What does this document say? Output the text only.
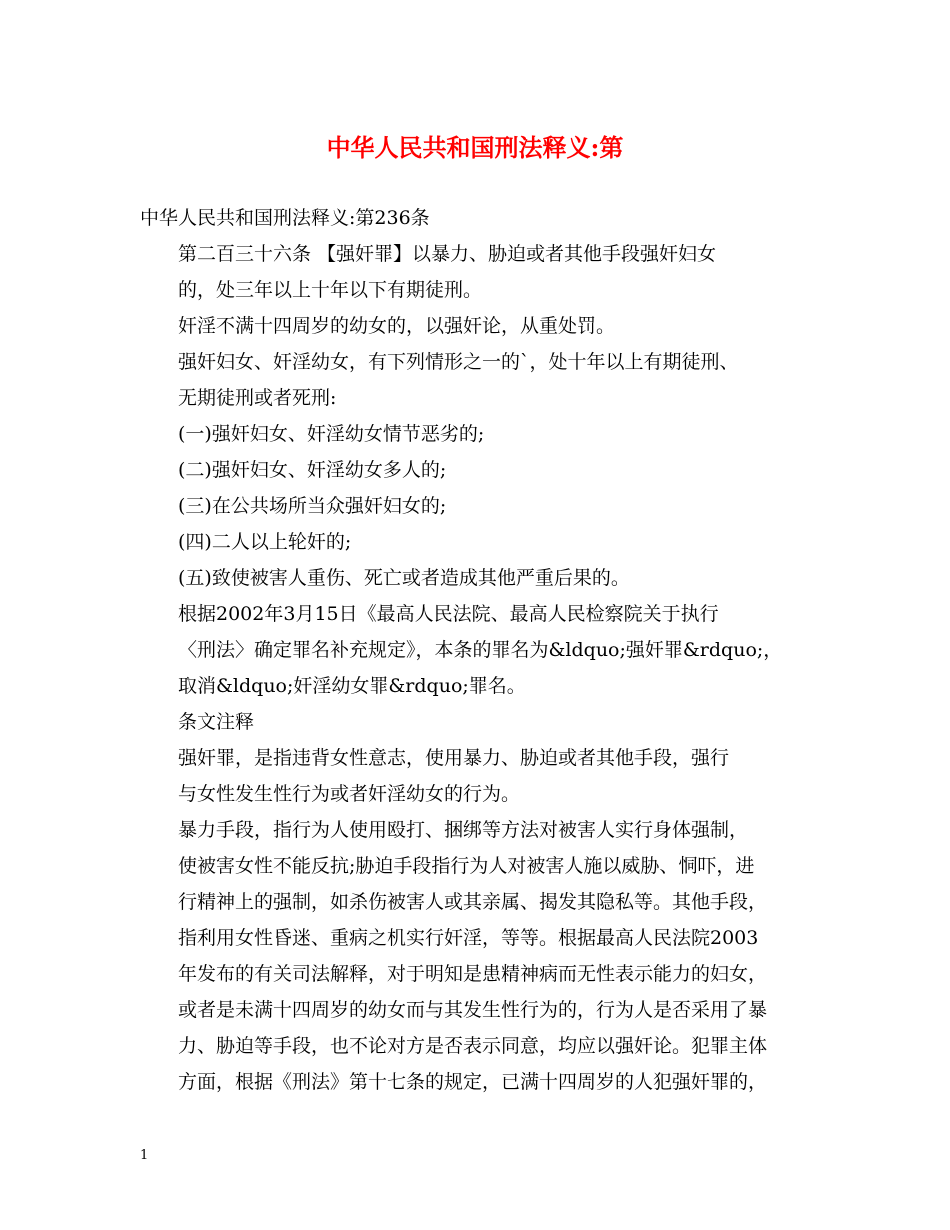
中华人民共和国刑法释义:第

中华人民共和国刑法释义:第236条

第二百三十六条 【强奸罪】以暴力、胁迫或者其他手段强奸妇女
的，处三年以上十年以下有期徒刑。

奸淫不满十四周岁的幼女的，以强奸论，从重处罚。

强奸妇女、奸淫幼女，有下列情形之一的`，处十年以上有期徒刑、
无期徒刑或者死刑:

(一)强奸妇女、奸淫幼女情节恶劣的;

(二)强奸妇女、奸淫幼女多人的;

(三)在公共场所当众强奸妇女的;

(四)二人以上轮奸的;

(五)致使被害人重伤、死亡或者造成其他严重后果的。

根据2002年3月15日《最高人民法院、最高人民检察院关于执行
〈刑法〉确定罪名补充规定》，本条的罪名为&ldquo;强奸罪&rdquo;，
取消&ldquo;奸淫幼女罪&rdquo;罪名。

条文注释

强奸罪，是指违背女性意志，使用暴力、胁迫或者其他手段，强行
与女性发生性行为或者奸淫幼女的行为。

暴力手段，指行为人使用殴打、捆绑等方法对被害人实行身体强制，
使被害女性不能反抗;胁迫手段指行为人对被害人施以威胁、恫吓，进
行精神上的强制，如杀伤被害人或其亲属、揭发其隐私等。其他手段，
指利用女性昏迷、重病之机实行奸淫，等等。根据最高人民法院2003
年发布的有关司法解释，对于明知是患精神病而无性表示能力的妇女，
或者是未满十四周岁的幼女而与其发生性行为的，行为人是否采用了暴
力、胁迫等手段，也不论对方是否表示同意，均应以强奸论。犯罪主体
方面，根据《刑法》第十七条的规定，已满十四周岁的人犯强奸罪的，

1
